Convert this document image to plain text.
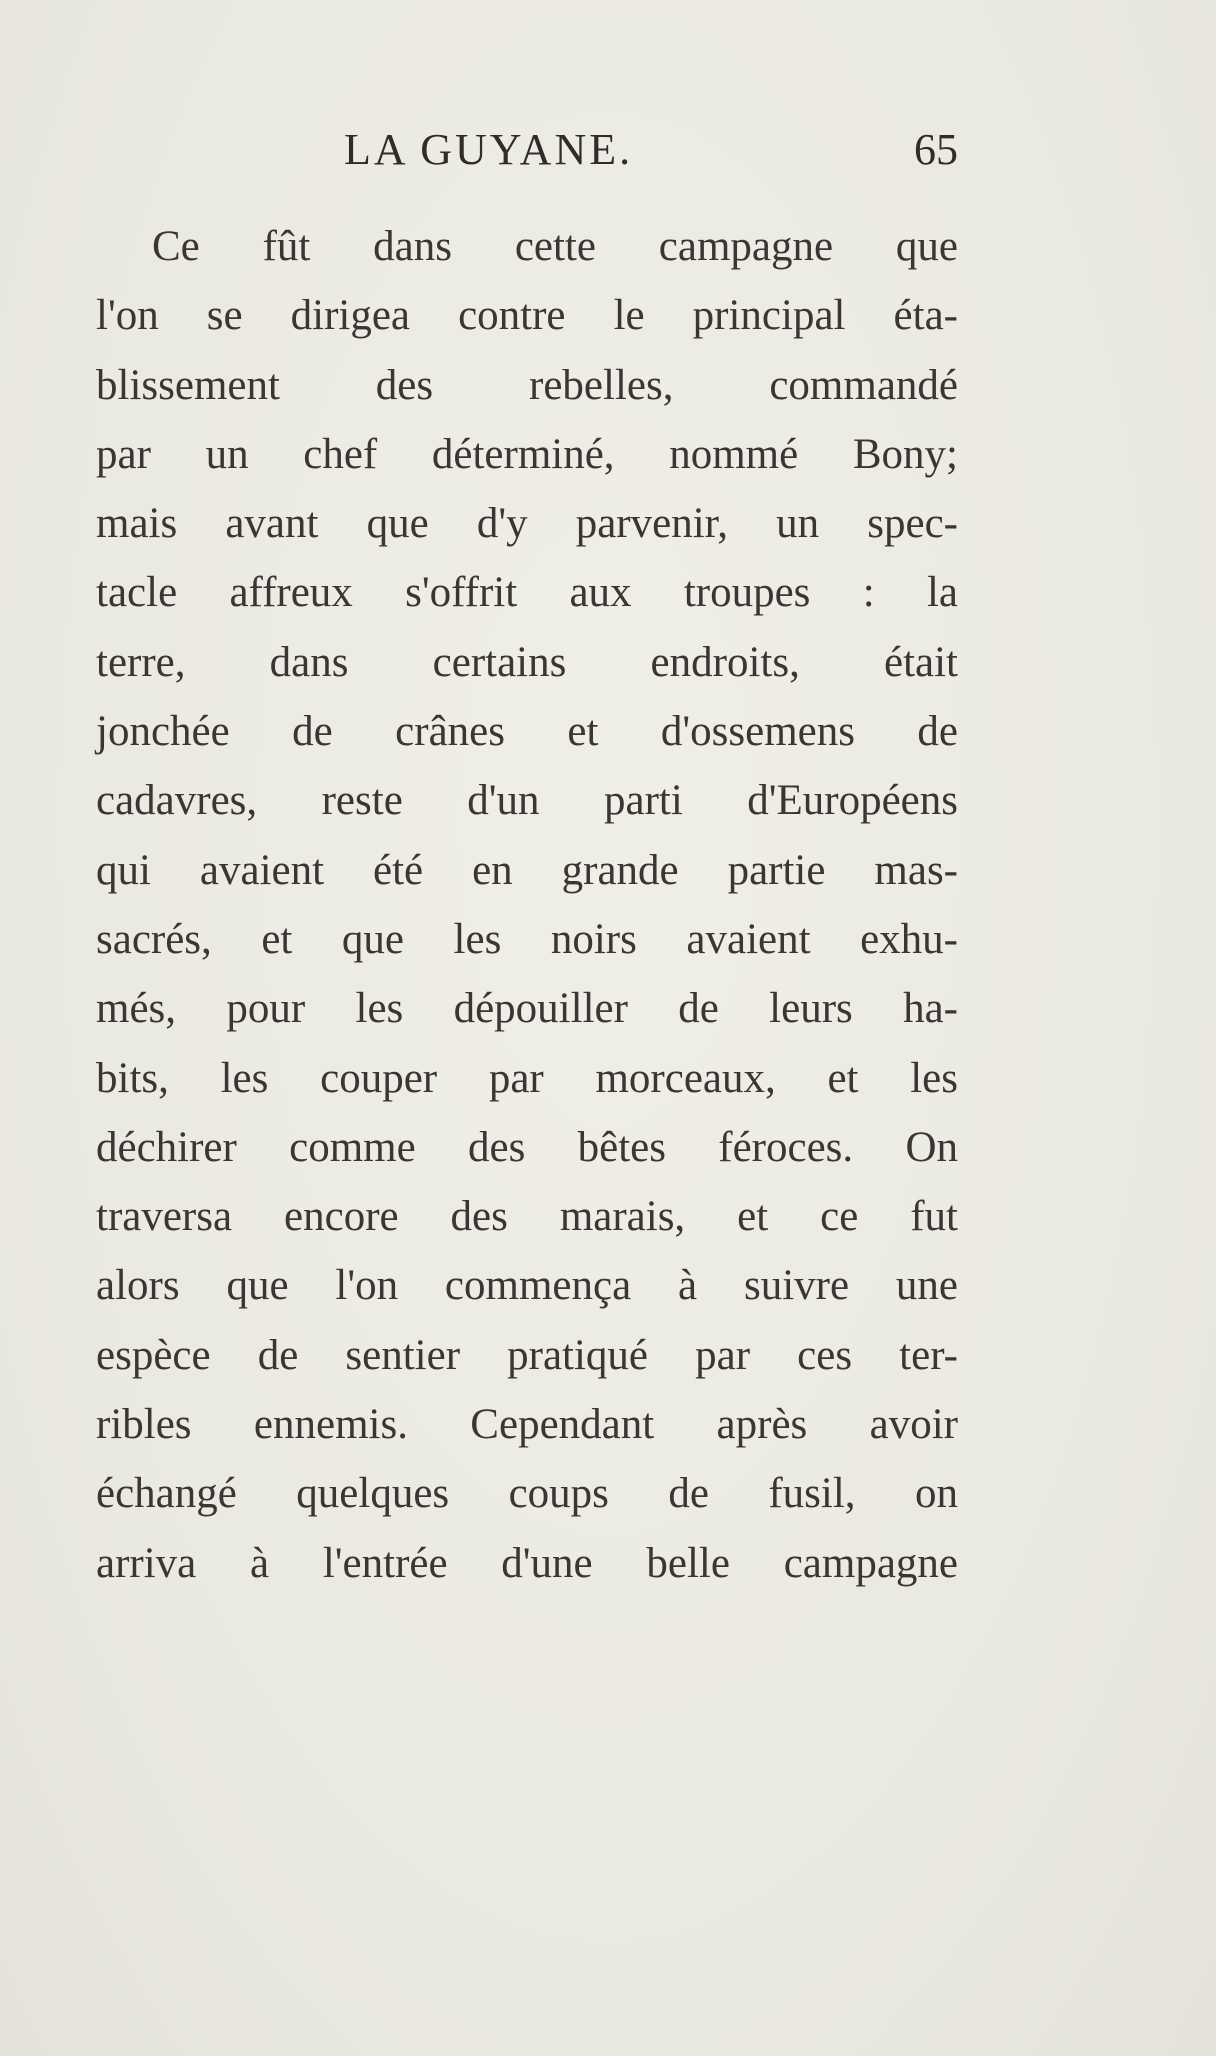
LA GUYANE.	65
Ce fût dans cette campagne que
l'on se dirigea contre le principal éta-
blissement des rebelles, commandé
par un chef déterminé, nommé Bony;
mais avant que d'y parvenir, un spec-
tacle affreux s'offrit aux troupes : la
terre, dans certains endroits, était
jonchée de crânes et d'ossemens de
cadavres, reste d'un parti d'Européens
qui avaient été en grande partie mas-
sacrés, et que les noirs avaient exhu-
més, pour les dépouiller de leurs ha-
bits, les couper par morceaux, et les
déchirer comme des bêtes féroces. On
traversa encore des marais, et ce fut
alors que l'on commença à suivre une
espèce de sentier pratiqué par ces ter-
ribles ennemis. Cependant après avoir
échangé quelques coups de fusil, on
arriva à l'entrée d'une belle campagne
